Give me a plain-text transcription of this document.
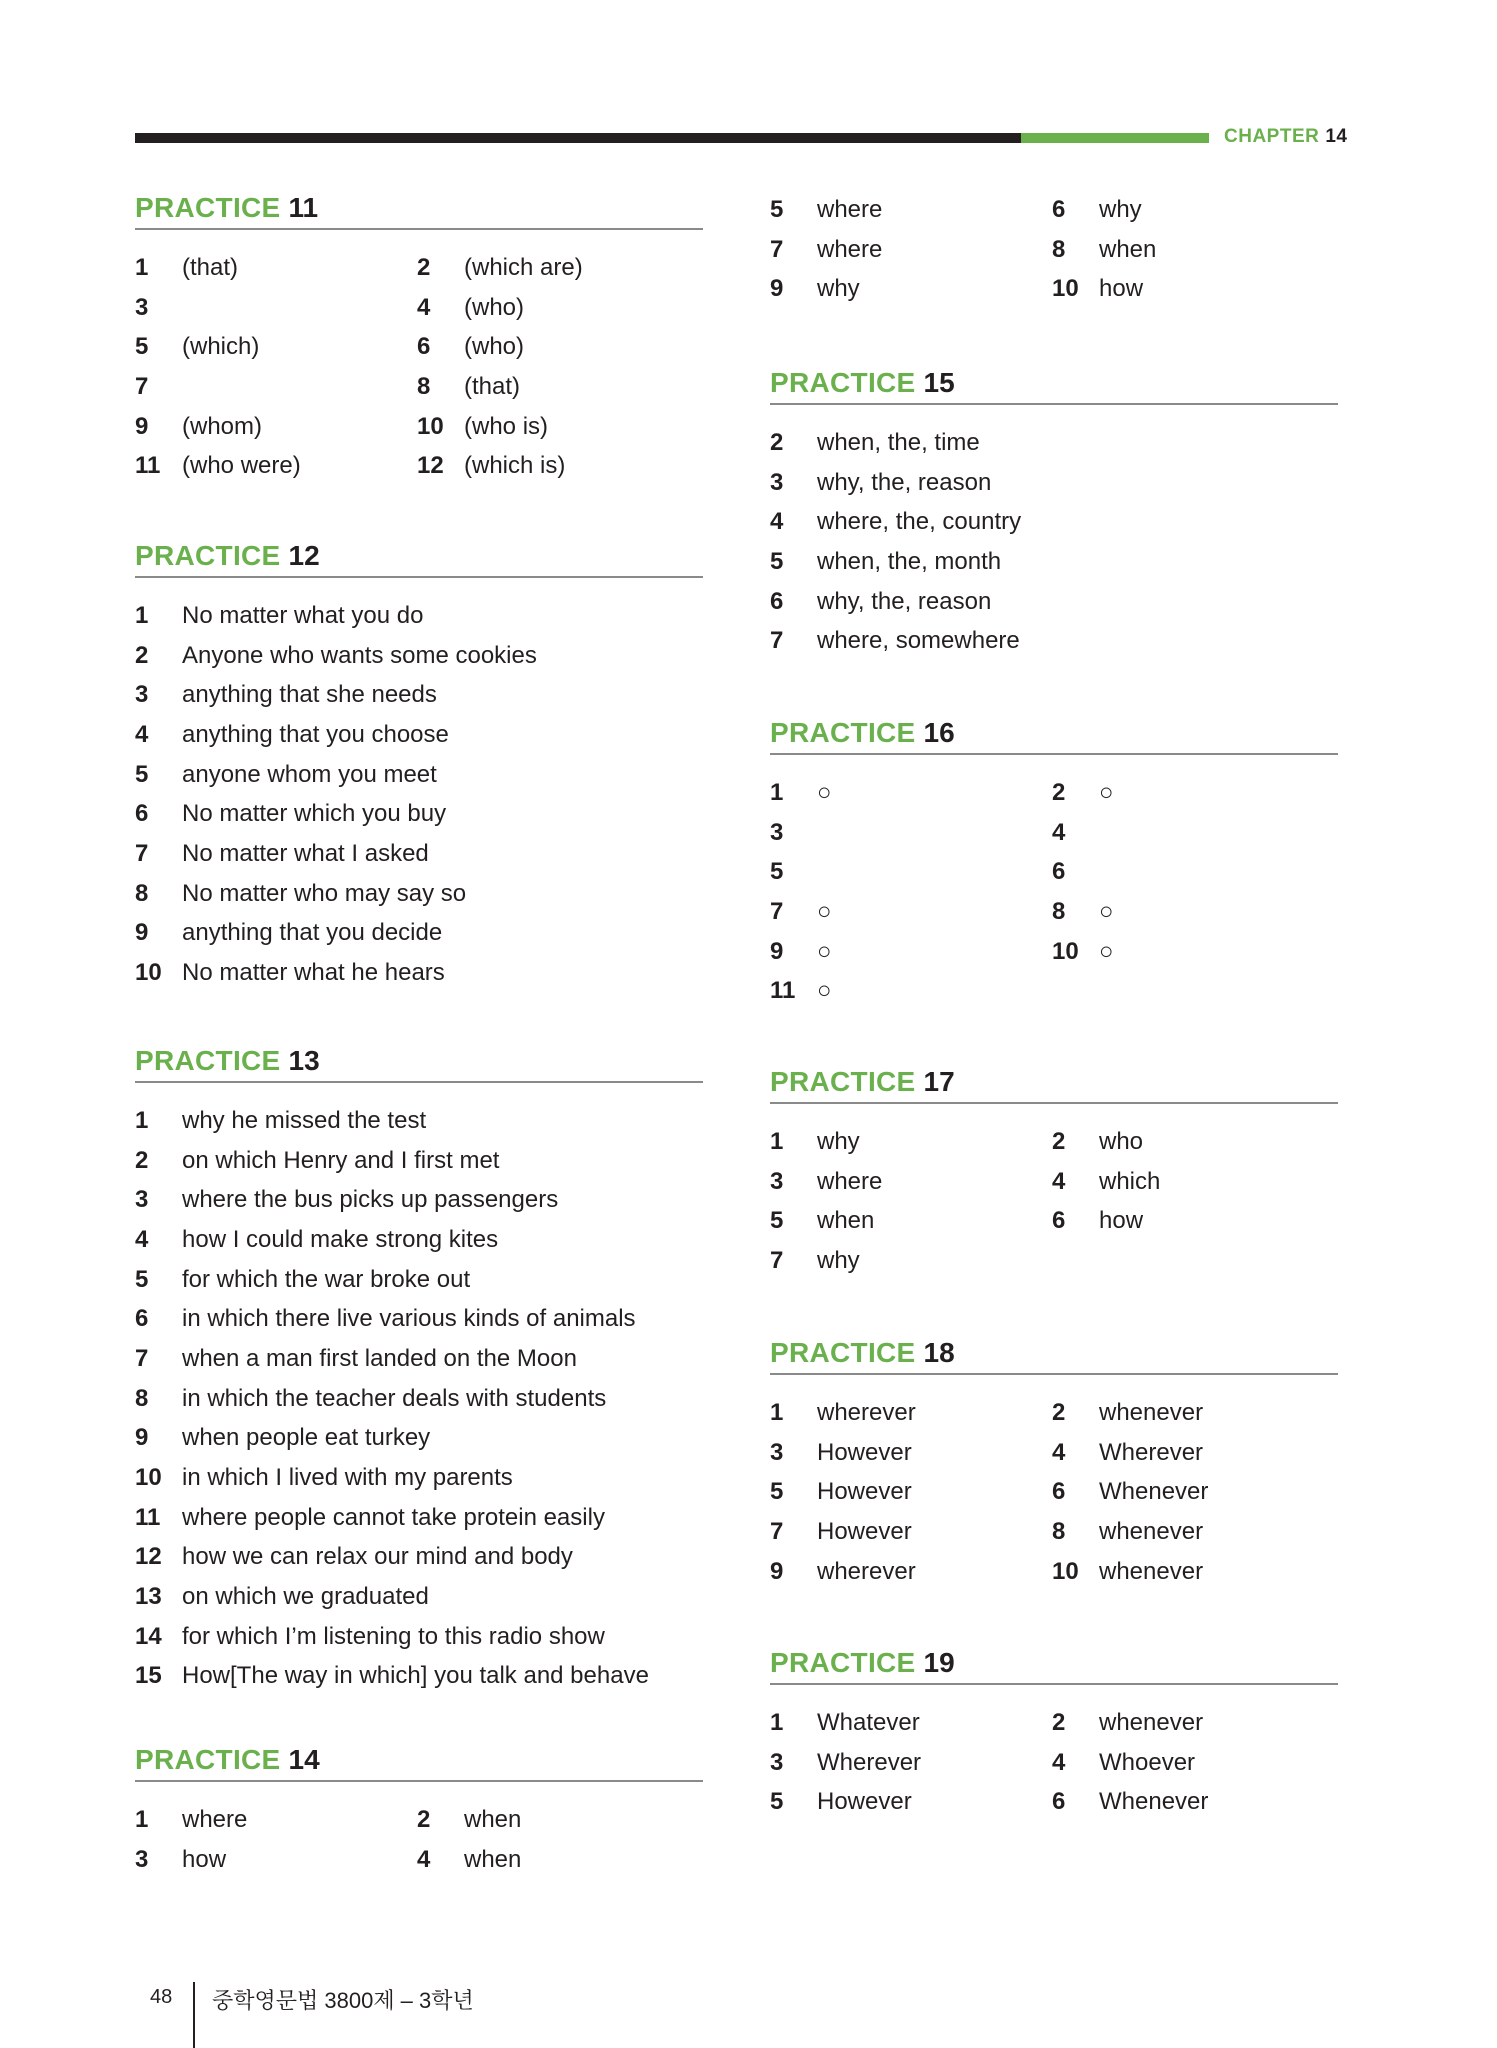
CHAPTER 14
PRACTICE 11
1	(that)	2	(which are)
3	4	(who)
5	(which)	6	(who)
7	8	(that)
9	(whom)	10 (who is)
11 (who were)	12 (which is)
PRACTICE 12
1	No matter what you do
2	Anyone who wants some cookies
3	anything that she needs
4	anything that you choose
5	anyone whom you meet
6	No matter which you buy
7	No matter what I asked
8	No matter who may say so
9	anything that you decide
10 No matter what he hears
PRACTICE 13
1	why he missed the test
2	on which Henry and I first met
3	where the bus picks up passengers
4	how I could make strong kites
5	for which the war broke out
6	in which there live various kinds of animals
7	when a man first landed on the Moon
8	in which the teacher deals with students
9	when people eat turkey
10 in which I lived with my parents
11 where people cannot take protein easily
12 how we can relax our mind and body
13 on which we graduated
14 for which I’m listening to this radio show
15 How[The way in which] you talk and behave
PRACTICE 14
1	where	2	when
3	how	4	when
5	where	6	why
7	where	8	when
9	why	10 how
PRACTICE 15
2	when, the, time
3	why, the, reason
4	where, the, country
5	when, the, month
6	why, the, reason
7	where, somewhere
PRACTICE 16
1	○	2	○
3	4
5	6
7	○	8	○
9	○	10 ○
11 ○
PRACTICE 17
1	why	2	who
3	where	4	which
5	when	6	how
7	why
PRACTICE 18
1	wherever	2	whenever
3	However	4	Wherever
5	However	6	Whenever
7	However	8	whenever
9	wherever	10 whenever
PRACTICE 19
1	Whatever	2	whenever
3	Wherever	4	Whoever
5	However	6	Whenever
48 중학영문법 3800제 – 3학년
